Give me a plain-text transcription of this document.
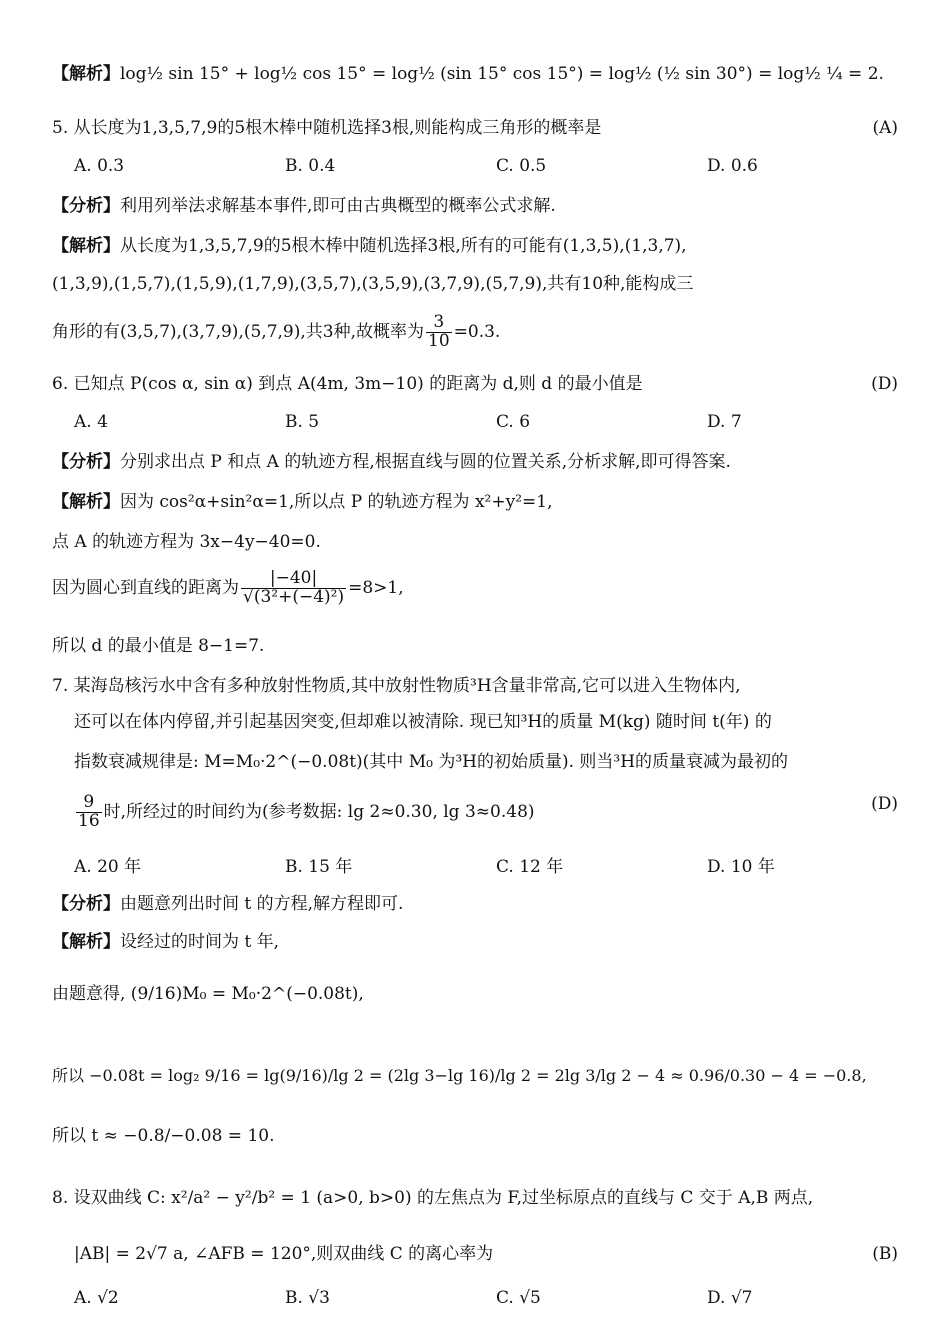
【解析】log½ sin 15° + log½ cos 15° = log½ (sin 15° cos 15°) = log½ (½ sin 30°) = log½ ¼ = 2.
5. 从长度为1,3,5,7,9的5根木棒中随机选择3根,则能构成三角形的概率是	(A)
A. 0.3	B. 0.4	C. 0.5	D. 0.6
【分析】利用列举法求解基本事件,即可由古典概型的概率公式求解.
【解析】从长度为1,3,5,7,9的5根木棒中随机选择3根,所有的可能有(1,3,5),(1,3,7),
(1,3,9),(1,5,7),(1,5,9),(1,7,9),(3,5,7),(3,5,9),(3,7,9),(5,7,9),共有10种,能构成三
角形的有(3,5,7),(3,7,9),(5,7,9),共3种,故概率为 $\frac{3}{10} =0.3$.
6. 已知点 P(cos α, sin α) 到点 A(4m, 3m−10) 的距离为 d,则 d 的最小值是	(D)
A. 4	B. 5	C. 6	D. 7
【分析】分别求出点 P 和点 A 的轨迹方程,根据直线与圆的位置关系,分析求解,即可得答案.
【解析】因为 cos²α+sin²α=1,所以点 P 的轨迹方程为 x²+y²=1,
点 A 的轨迹方程为 3x−4y−40=0.
因为圆心到直线的距离为 $\frac{|-40|}{\text{√(3²+(−4)²)}} =8>1$,
所以 d 的最小值是 8−1=7.
7. 某海岛核污水中含有多种放射性物质,其中放射性物质³H含量非常高,它可以进入生物体内,
还可以在体内停留,并引起基因突变,但却难以被清除. 现已知³H的质量 M(kg) 随时间 t(年) 的
指数衰减规律是: M=M₀·2^(−0.08t)(其中 M₀ 为³H的初始质量). 则当³H的质量衰减为最初的
$\frac{9}{16}$ 时,所经过的时间约为(参考数据: lg 2≈0.30, lg 3≈0.48)	(D)
A. 20 年	B. 15 年	C. 12 年	D. 10 年
【分析】由题意列出时间 t 的方程,解方程即可.
【解析】设经过的时间为 t 年,
由题意得, (9/16)M₀ = M₀·2^(−0.08t),
所以 −0.08t = log₂ 9/16 = lg(9/16)/lg 2 = (2lg 3−lg 16)/lg 2 = 2lg 3/lg 2 − 4 ≈ 0.96/0.30 − 4 = −0.8,
所以 t ≈ −0.8/−0.08 = 10.
8. 设双曲线 C: x²/a² − y²/b² = 1 (a>0, b>0) 的左焦点为 F,过坐标原点的直线与 C 交于 A,B 两点,
|AB| = 2√7 a, ∠AFB = 120°,则双曲线 C 的离心率为	(B)
A. √2	B. √3	C. √5	D. √7
